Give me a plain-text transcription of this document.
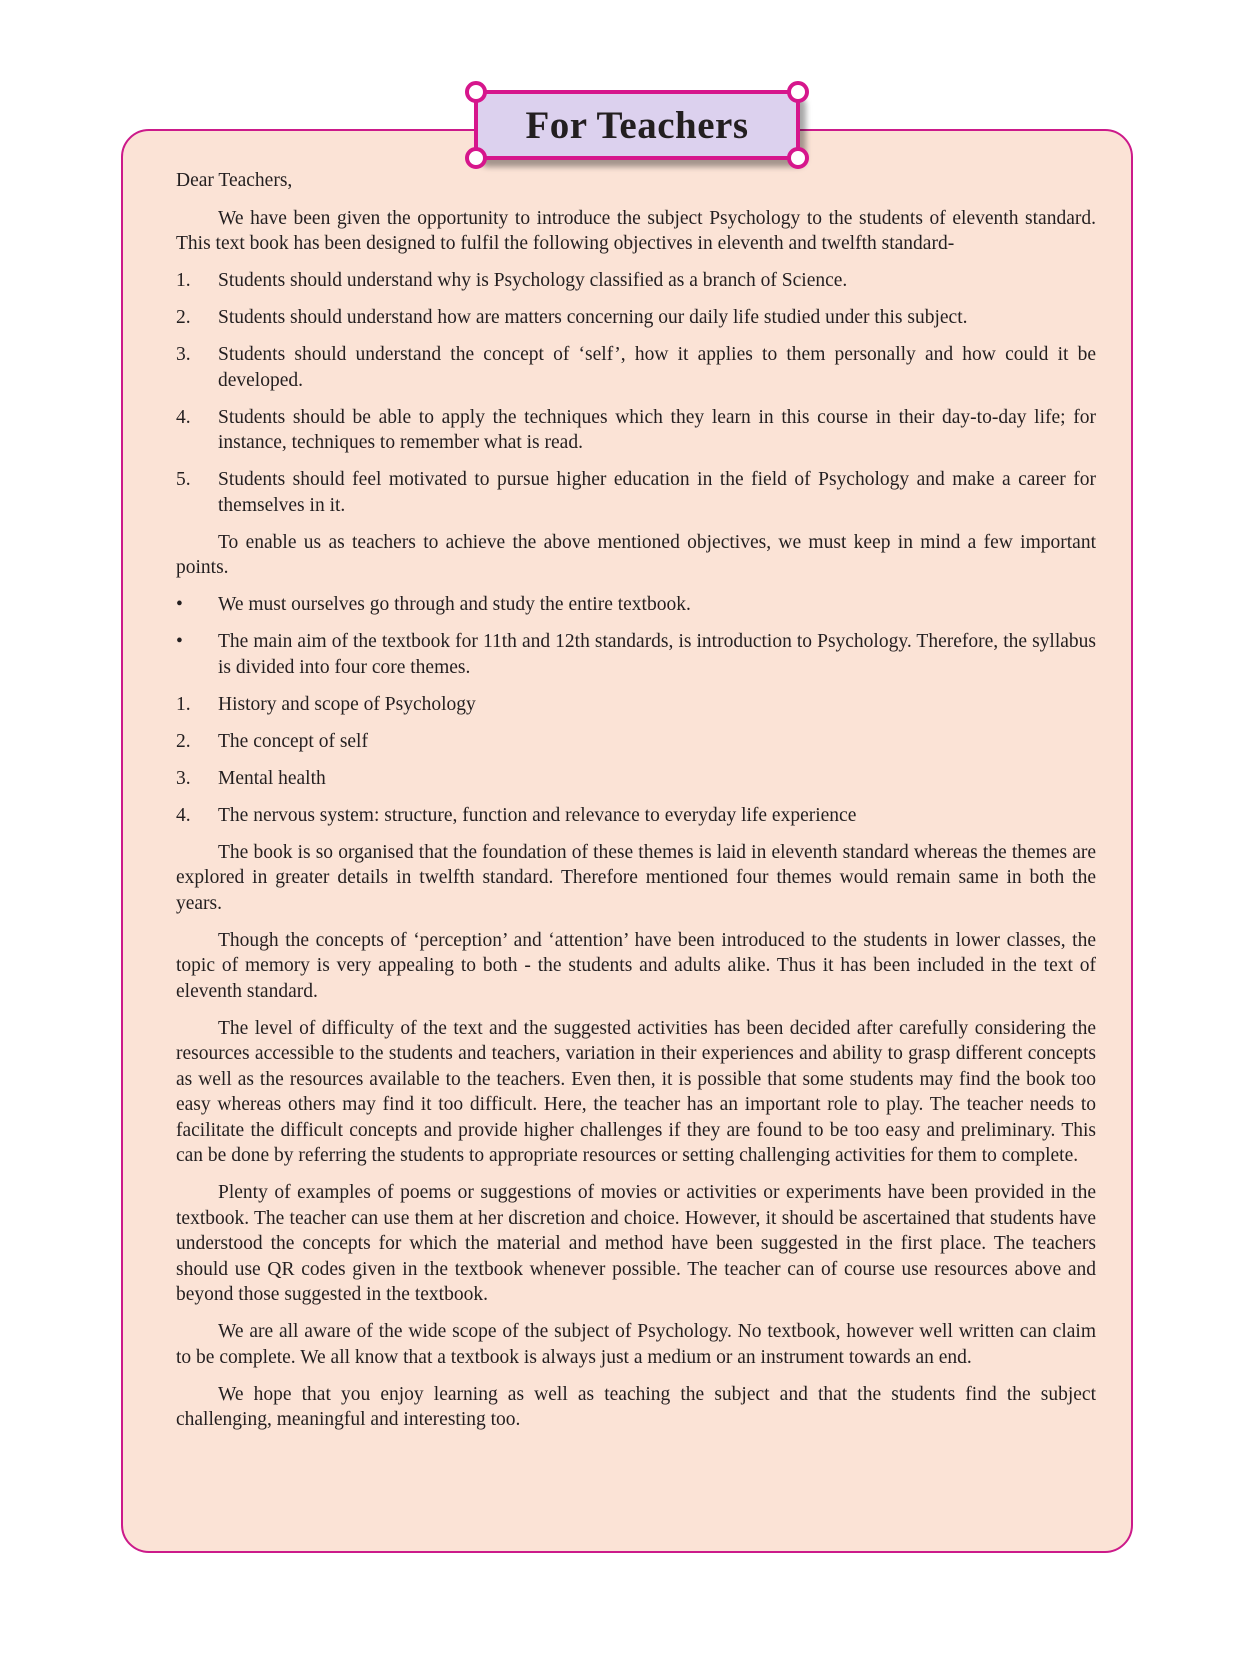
For Teachers

Dear Teachers,

We have been given the opportunity to introduce the subject Psychology to the students of eleventh standard. This text book has been designed to fulfil the following objectives in eleventh and twelfth standard-

1.	Students should understand why is Psychology classified as a branch of Science.
2.	Students should understand how are matters concerning our daily life studied under this subject.
3.	Students should understand the concept of ‘self’, how it applies to them personally and how could it be developed.
4.	Students should be able to apply the techniques which they learn in this course in their day-to-day life; for instance, techniques to remember what is read.
5.	Students should feel motivated to pursue higher education in the field of Psychology and make a career for themselves in it.

To enable us as teachers to achieve the above mentioned objectives, we must keep in mind a few important points.

•	We must ourselves go through and study the entire textbook.
•	The main aim of the textbook for 11th and 12th standards, is introduction to Psychology. Therefore, the syllabus is divided into four core themes.
1.	History and scope of Psychology
2.	The concept of self
3.	Mental health
4.	The nervous system: structure, function and relevance to everyday life experience

The book is so organised that the foundation of these themes is laid in eleventh standard whereas the themes are explored in greater details in twelfth standard. Therefore mentioned four themes would remain same in both the years.

Though the concepts of ‘perception’ and ‘attention’ have been introduced to the students in lower classes, the topic of memory is very appealing to both - the students and adults alike. Thus it has been included in the text of eleventh standard.

The level of difficulty of the text and the suggested activities has been decided after carefully considering the resources accessible to the students and teachers, variation in their experiences and ability to grasp different concepts as well as the resources available to the teachers. Even then, it is possible that some students may find the book too easy whereas others may find it too difficult. Here, the teacher has an important role to play. The teacher needs to facilitate the difficult concepts and provide higher challenges if they are found to be too easy and preliminary. This can be done by referring the students to appropriate resources or setting challenging activities for them to complete.

Plenty of examples of poems or suggestions of movies or activities or experiments have been provided in the textbook. The teacher can use them at her discretion and choice. However, it should be ascertained that students have understood the concepts for which the material and method have been suggested in the first place. The teachers should use QR codes given in the textbook whenever possible. The teacher can of course use resources above and beyond those suggested in the textbook.

We are all aware of the wide scope of the subject of Psychology. No textbook, however well written can claim to be complete. We all know that a textbook is always just a medium or an instrument towards an end.

We hope that you enjoy learning as well as teaching the subject and that the students find the subject challenging, meaningful and interesting too.
